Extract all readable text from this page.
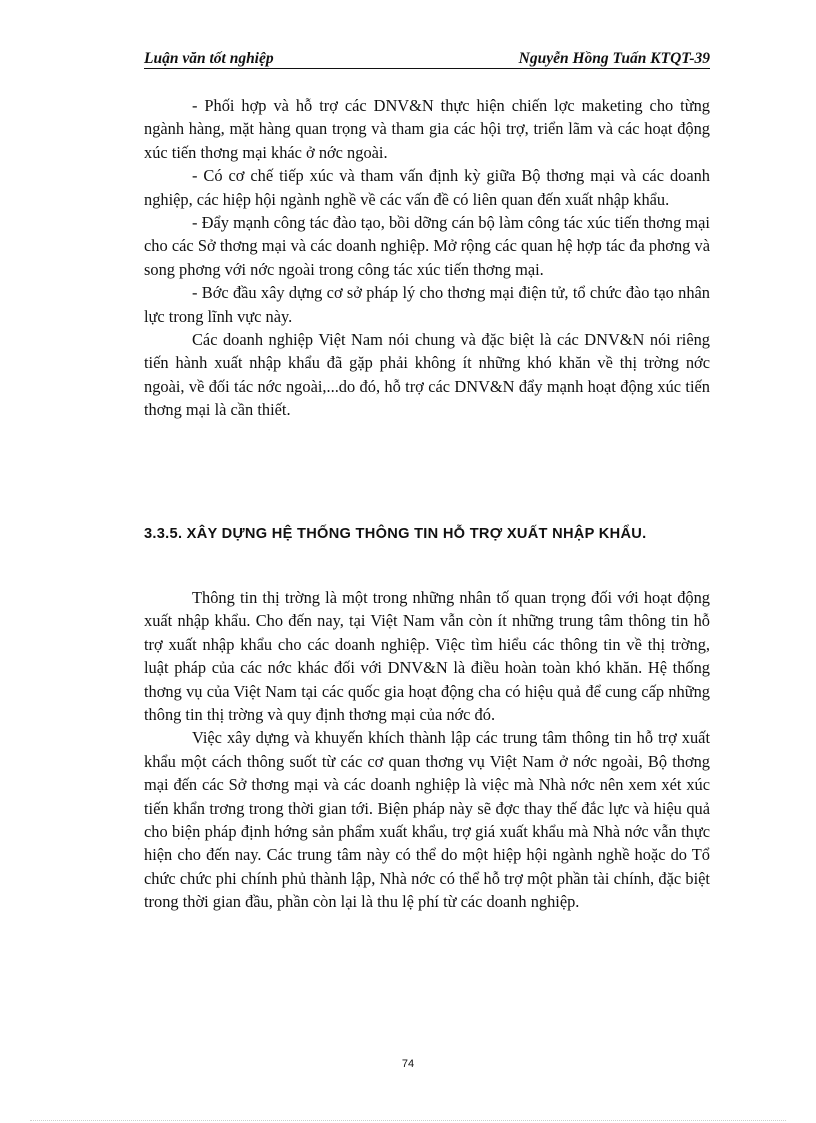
Luận văn tốt nghiệp	Nguyễn Hồng Tuấn KTQT-39

- Phối hợp và hỗ trợ các DNV&N thực hiện chiến lợc maketing cho từng ngành hàng, mặt hàng quan trọng và tham gia các hội trợ, triển lãm và các hoạt động xúc tiến thơng mại khác ở nớc ngoài.

- Có cơ chế tiếp xúc và tham vấn định kỳ giữa Bộ thơng mại và các doanh nghiệp, các hiệp hội ngành nghề về các vấn đề có liên quan đến xuất nhập khẩu.

- Đẩy mạnh công tác đào tạo, bồi dỡng cán bộ làm công tác xúc tiến thơng mại cho các Sở thơng mại và các doanh nghiệp. Mở rộng các quan hệ hợp tác đa phơng và song phơng với nớc ngoài trong công tác xúc tiến thơng mại.

- Bớc đầu xây dựng cơ sở pháp lý cho thơng mại điện tử, tổ chức đào tạo nhân lực trong lĩnh vực này.

Các doanh nghiệp Việt Nam nói chung và đặc biệt là các DNV&N nói riêng tiến hành xuất nhập khẩu đã gặp phải không ít những khó khăn về thị trờng nớc ngoài, về đối tác nớc ngoài,...do đó, hỗ trợ các DNV&N đẩy mạnh hoạt động xúc tiến thơng mại là cần thiết.

3.3.5. XÂY DỰNG HỆ THỐNG THÔNG TIN HỖ TRỢ XUẤT NHẬP KHẨU.

Thông tin thị trờng là một trong những nhân tố quan trọng đối với hoạt động xuất nhập khẩu. Cho đến nay, tại Việt Nam vẫn còn ít những trung tâm thông tin hỗ trợ xuất nhập khẩu cho các doanh nghiệp. Việc tìm hiểu các thông tin về thị trờng, luật pháp của các nớc khác đối với DNV&N là điều hoàn toàn khó khăn. Hệ thống thơng vụ của Việt Nam tại các quốc gia hoạt động cha có hiệu quả để cung cấp những thông tin thị trờng và quy định thơng mại của nớc đó.

Việc xây dựng và khuyến khích thành lập các trung tâm thông tin hỗ trợ xuất khẩu một cách thông suốt từ các cơ quan thơng vụ Việt Nam ở nớc ngoài, Bộ thơng mại đến các Sở thơng mại và các doanh nghiệp là việc mà Nhà nớc nên xem xét xúc tiến khẩn trơng trong thời gian tới. Biện pháp này sẽ đợc thay thế đắc lực và hiệu quả cho biện pháp định hớng sản phẩm xuất khẩu, trợ giá xuất khẩu mà Nhà nớc vẫn thực hiện cho đến nay. Các trung tâm này có thể do một hiệp hội ngành nghề hoặc do Tổ chức chức phi chính phủ thành lập, Nhà nớc có thể hỗ trợ một phần tài chính, đặc biệt trong thời gian đầu, phần còn lại là thu lệ phí từ các doanh nghiệp.

74
